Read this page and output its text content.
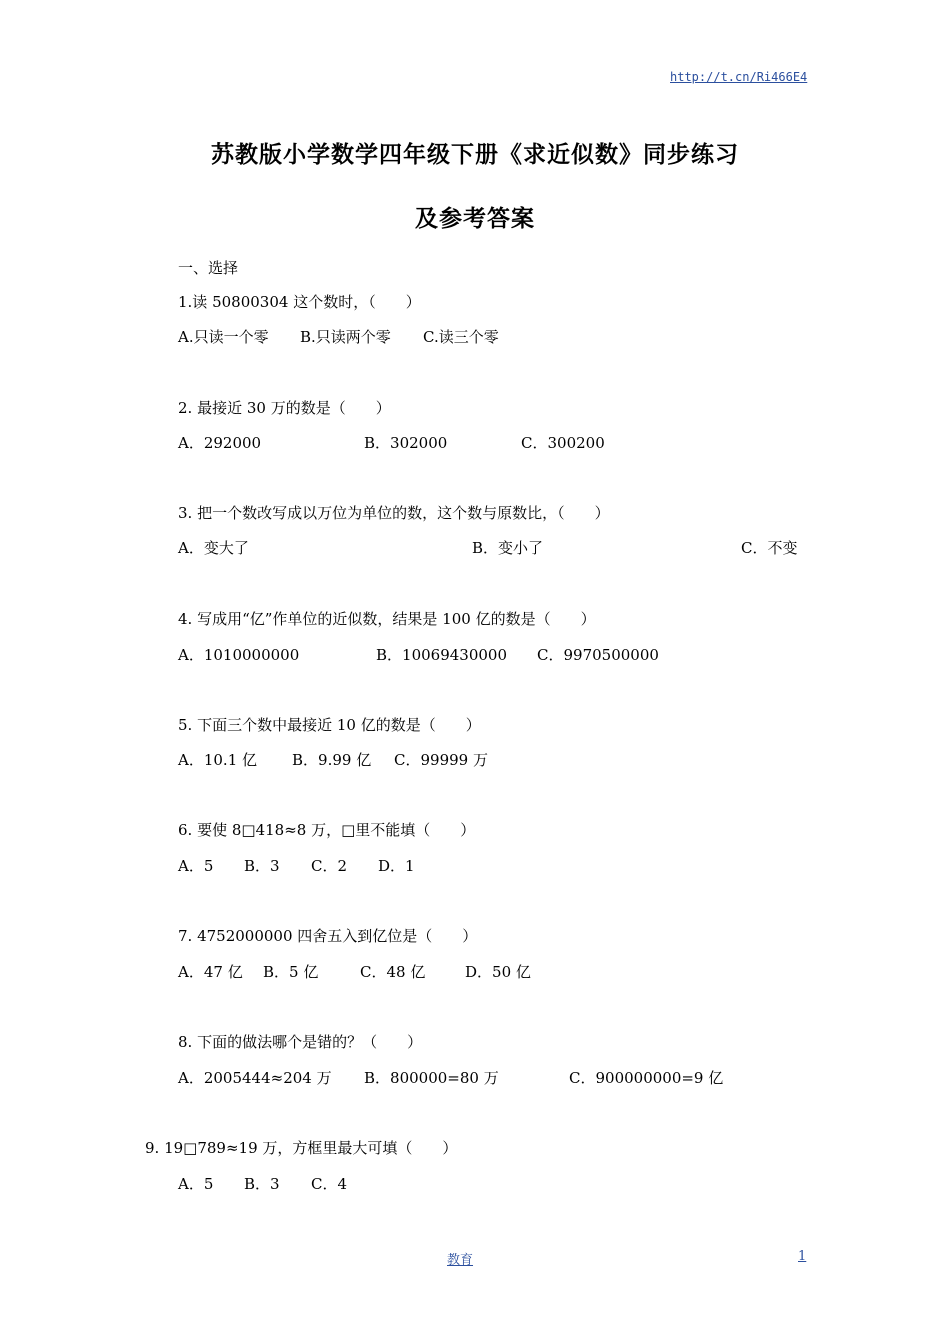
http://t.cn/Ri466E4
苏教版小学数学四年级下册《求近似数》同步练习
及参考答案
一、选择
1.读 50800304 这个数时，（　　）
A.只读一个零 B.只读两个零 C.读三个零
2. 最接近 30 万的数是（　　）
A．292000	B．302000	C．300200
3. 把一个数改写成以万位为单位的数，这个数与原数比，（　　）
A．变大了	B．变小了	C．不变
4. 写成用“亿”作单位的近似数，结果是 100 亿的数是（　　）
A．1010000000	B．10069430000 C．9970500000
5. 下面三个数中最接近 10 亿的数是（　　）
A．10.1 亿 B．9.99 亿 C．99999 万
6. 要使 8□418≈8 万，□里不能填（　　）
A．5 B．3 C．2 D．1
7. 4752000000 四舍五入到亿位是（　　）
A．47 亿 B．5 亿	C．48 亿	D．50 亿
8. 下面的做法哪个是错的？（　　）
A．2005444≈204 万 B．800000=80 万	C．900000000=9 亿
9. 19□789≈19 万，方框里最大可填（　　）
A．5 B．3 C．4
教育	1
